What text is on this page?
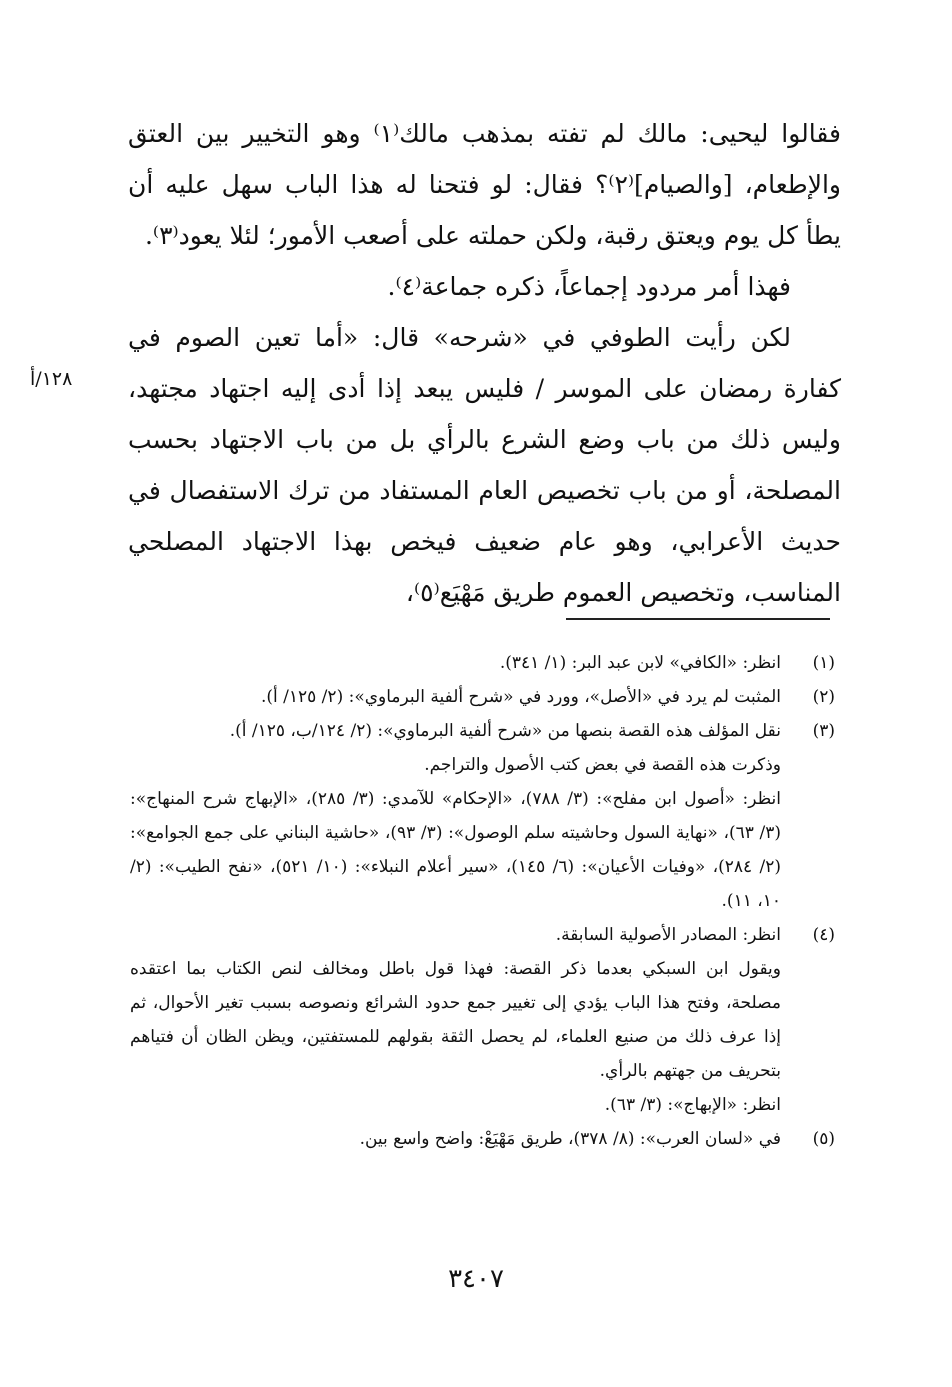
فقالوا ليحيى: مالك لم تفته بمذهب مالك⁽١⁾ وهو التخيير بين العتق والإطعام، [والصيام]⁽٢⁾؟ فقال: لو فتحنا له هذا الباب سهل عليه أن يطأ كل يوم ويعتق رقبة، ولكن حملته على أصعب الأمور؛ لئلا يعود⁽٣⁾.

فهذا أمر مردود إجماعاً، ذكره جماعة⁽٤⁾.

لكن رأيت الطوفي في «شرحه» قال: «أما تعين الصوم في كفارة رمضان على الموسر / فليس يبعد إذا أدى إليه اجتهاد مجتهد، وليس ذلك من باب وضع الشرع بالرأي بل من باب الاجتهاد بحسب المصلحة، أو من باب تخصيص العام المستفاد من ترك الاستفصال في حديث الأعرابي، وهو عام ضعيف فيخص بهذا الاجتهاد المصلحي المناسب، وتخصيص العموم طريق مَهْيَع⁽٥⁾،

١٢٨/أ
(١)

انظر: «الكافي» لابن عبد البر: (١/ ٣٤١).

(٢)

المثبت لم يرد في «الأصل»، وورد في «شرح ألفية البرماوي»: (٢/ ١٢٥/ أ).

(٣)

نقل المؤلف هذه القصة بنصها من «شرح ألفية البرماوي»: (٢/ ١٢٤/ب، ١٢٥/ أ).

وذكرت هذه القصة في بعض كتب الأصول والتراجم.

انظر: «أصول ابن مفلح»: (٣/ ٧٨٨)، «الإحكام» للآمدي: (٣/ ٢٨٥)، «الإبهاج شرح المنهاج»: (٣/ ٦٣)، «نهاية السول وحاشيته سلم الوصول»: (٣/ ٩٣)، «حاشية البناني على جمع الجوامع»: (٢/ ٢٨٤)، «وفيات الأعيان»: (٦/ ١٤٥)، «سير أعلام النبلاء»: (١٠/ ٥٢١)، «نفح الطيب»: (٢/ ١٠، ١١).

(٤)

انظر: المصادر الأصولية السابقة.

ويقول ابن السبكي بعدما ذكر القصة: فهذا قول باطل ومخالف لنص الكتاب بما اعتقده مصلحة، وفتح هذا الباب يؤدي إلى تغيير جمع حدود الشرائع ونصوصه بسبب تغير الأحوال، ثم إذا عرف ذلك من صنيع العلماء، لم يحصل الثقة بقولهم للمستفتين، ويظن الظان أن فتياهم بتحريف من جهتهم بالرأي.

انظر: «الإبهاج»: (٣/ ٦٣).

(٥)

في «لسان العرب»: (٨/ ٣٧٨)، طريق مَهْيَعْ: واضح واسع بين.

٣٤٠٧
